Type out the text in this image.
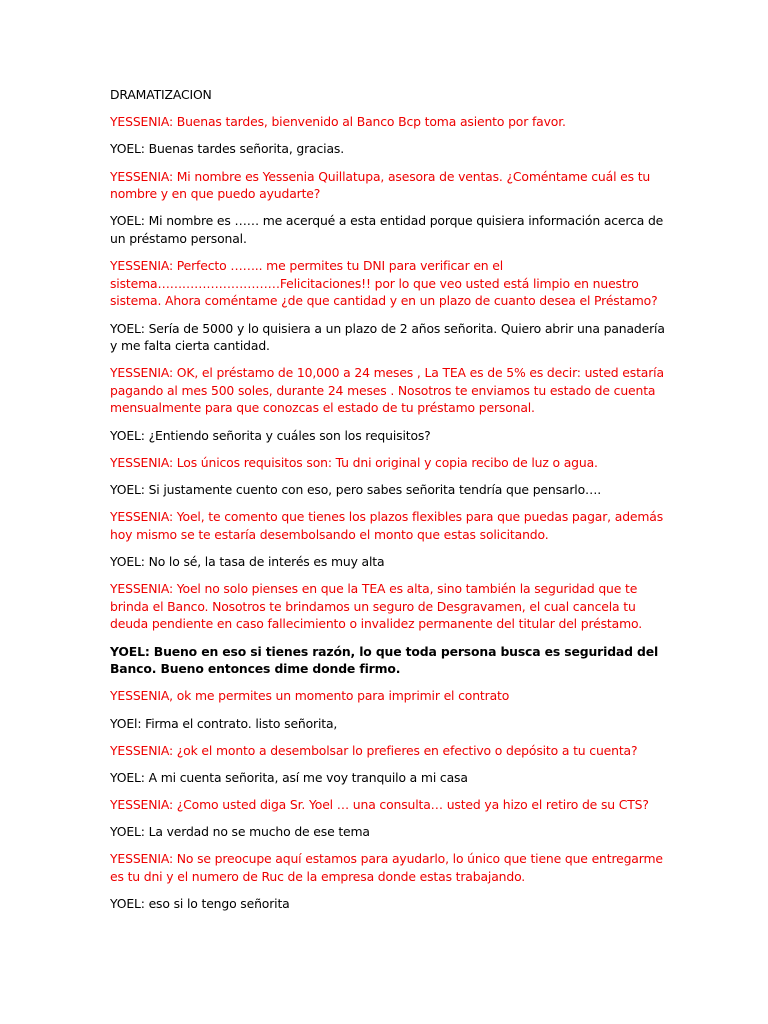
DRAMATIZACION

YESSENIA: Buenas tardes, bienvenido al Banco Bcp toma asiento por favor.

YOEL: Buenas tardes señorita, gracias.

YESSENIA: Mi nombre es Yessenia Quillatupa, asesora de ventas. ¿Coméntame cuál es tu nombre y en que puedo ayudarte?

YOEL: Mi nombre es …… me acerqué a esta entidad porque quisiera información acerca de un préstamo personal.

YESSENIA: Perfecto …….. me permites tu DNI para verificar en el sistema…………………………Felicitaciones!! por lo que veo usted está limpio en nuestro sistema. Ahora coméntame ¿de que cantidad y en un plazo de cuanto desea el Préstamo?

YOEL: Sería de 5000 y lo quisiera a un plazo de 2 años señorita. Quiero abrir una panadería y me falta cierta cantidad.

YESSENIA: OK, el préstamo de 10,000 a 24 meses , La TEA es de 5% es decir: usted estaría pagando al mes 500 soles, durante 24 meses . Nosotros te enviamos tu estado de cuenta mensualmente para que conozcas el estado de tu préstamo personal.

YOEL: ¿Entiendo señorita y cuáles son los requisitos?

YESSENIA: Los únicos requisitos son: Tu dni original y copia recibo de luz o agua.

YOEL: Si justamente cuento con eso, pero sabes señorita tendría que pensarlo….

YESSENIA: Yoel, te comento que tienes los plazos flexibles para que puedas pagar, además hoy mismo se te estaría desembolsando el monto que estas solicitando.

YOEL: No lo sé, la tasa de interés es muy alta

YESSENIA: Yoel no solo pienses en que la TEA es alta, sino también la seguridad que te brinda el Banco. Nosotros te brindamos un seguro de Desgravamen, el cual cancela tu deuda pendiente en caso fallecimiento o invalidez permanente del titular del préstamo.

YOEL: Bueno en eso si tienes razón, lo que toda persona busca es seguridad del Banco. Bueno entonces dime donde firmo.

YESSENIA, ok me permites un momento para imprimir el contrato

YOEl: Firma el contrato. listo señorita,

YESSENIA: ¿ok el monto a desembolsar lo prefieres en efectivo o depósito a tu cuenta?

YOEL: A mi cuenta señorita, así me voy tranquilo a mi casa

YESSENIA: ¿Como usted diga Sr. Yoel … una consulta… usted ya hizo el retiro de su CTS?

YOEL: La verdad no se mucho de ese tema

YESSENIA: No se preocupe aquí estamos para ayudarlo, lo único que tiene que entregarme es tu dni y el numero de Ruc de la empresa donde estas trabajando.

YOEL: eso si lo tengo señorita
